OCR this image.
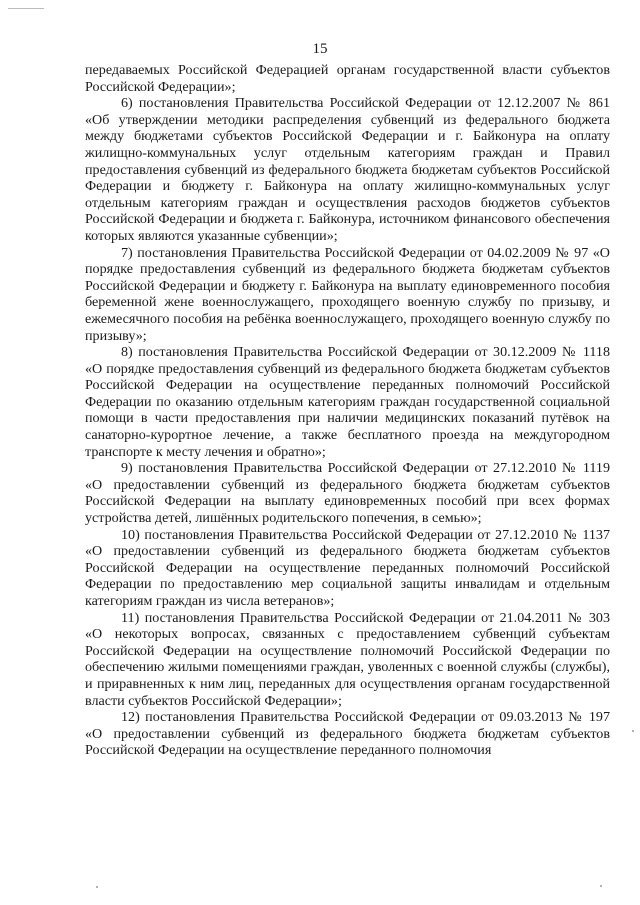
15

передаваемых Российской Федерацией органам государственной власти субъектов Российской Федерации»;

6) постановления Правительства Российской Федерации от 12.12.2007 № 861 «Об утверждении методики распределения субвенций из федерального бюджета между бюджетами субъектов Российской Федерации и г. Байконура на оплату жилищно-коммунальных услуг отдельным категориям граждан и Правил предоставления субвенций из федерального бюджета бюджетам субъектов Российской Федерации и бюджету г. Байконура на оплату жилищно-коммунальных услуг отдельным категориям граждан и осуществления расходов бюджетов субъектов Российской Федерации и бюджета г. Байконура, источником финансового обеспечения которых являются указанные субвенции»;

7) постановления Правительства Российской Федерации от 04.02.2009 № 97 «О порядке предоставления субвенций из федерального бюджета бюджетам субъектов Российской Федерации и бюджету г. Байконура на выплату единовременного пособия беременной жене военнослужащего, проходящего военную службу по призыву, и ежемесячного пособия на ребёнка военнослужащего, проходящего военную службу по призыву»;

8) постановления Правительства Российской Федерации от 30.12.2009 № 1118 «О порядке предоставления субвенций из федерального бюджета бюджетам субъектов Российской Федерации на осуществление переданных полномочий Российской Федерации по оказанию отдельным категориям граждан государственной социальной помощи в части предоставления при наличии медицинских показаний путёвок на санаторно-курортное лечение, а также бесплатного проезда на междугородном транспорте к месту лечения и обратно»;

9) постановления Правительства Российской Федерации от 27.12.2010 № 1119 «О предоставлении субвенций из федерального бюджета бюджетам субъектов Российской Федерации на выплату единовременных пособий при всех формах устройства детей, лишённых родительского попечения, в семью»;

10) постановления Правительства Российской Федерации от 27.12.2010 № 1137 «О предоставлении субвенций из федерального бюджета бюджетам субъектов Российской Федерации на осуществление переданных полномочий Российской Федерации по предоставлению мер социальной защиты инвалидам и отдельным категориям граждан из числа ветеранов»;

11) постановления Правительства Российской Федерации от 21.04.2011 № 303 «О некоторых вопросах, связанных с предоставлением субвенций субъектам Российской Федерации на осуществление полномочий Российской Федерации по обеспечению жилыми помещениями граждан, уволенных с военной службы (службы), и приравненных к ним лиц, переданных для осуществления органам государственной власти субъектов Российской Федерации»;

12) постановления Правительства Российской Федерации от 09.03.2013 № 197 «О предоставлении субвенций из федерального бюджета бюджетам субъектов Российской Федерации на осуществление переданного полномочия
